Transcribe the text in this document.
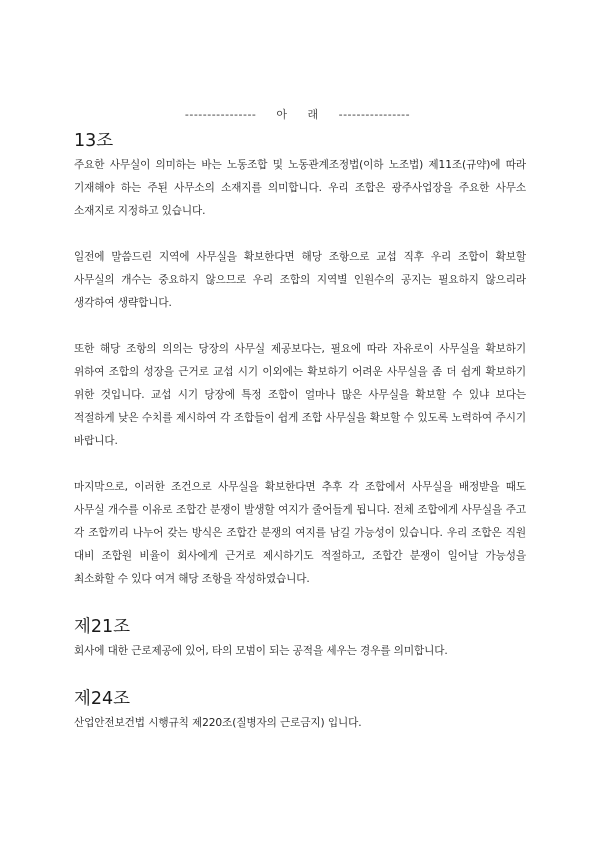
----------------     아     래     ----------------
13조

주요한 사무실이 의미하는 바는 노동조합 및 노동관계조정법(이하 노조법) 제11조(규약)에 따라 기재해야 하는 주된 사무소의 소재지를 의미합니다. 우리 조합은 광주사업장을 주요한 사무소 소재지로 지정하고 있습니다.

일전에 말씀드린 지역에 사무실을 확보한다면 해당 조항으로 교섭 직후 우리 조합이 확보할 사무실의 개수는 중요하지 않으므로 우리 조합의 지역별 인원수의 공지는 필요하지 않으리라 생각하여 생략합니다.

또한 해당 조항의 의의는 당장의 사무실 제공보다는, 필요에 따라 자유로이 사무실을 확보하기 위하여 조합의 성장을 근거로 교섭 시기 이외에는 확보하기 어려운 사무실을 좀 더 쉽게 확보하기 위한 것입니다. 교섭 시기 당장에 특정 조합이 얼마나 많은 사무실을 확보할 수 있냐 보다는 적절하게 낮은 수치를 제시하여 각 조합들이 쉽게 조합 사무실을 확보할 수 있도록 노력하여 주시기 바랍니다.

마지막으로, 이러한 조건으로 사무실을 확보한다면 추후 각 조합에서 사무실을 배정받을 때도 사무실 개수를 이유로 조합간 분쟁이 발생할 여지가 줄어들게 됩니다. 전체 조합에게 사무실을 주고 각 조합끼리 나누어 갖는 방식은 조합간 분쟁의 여지를 남길 가능성이 있습니다. 우리 조합은 직원 대비 조합원 비율이 회사에게 근거로 제시하기도 적절하고, 조합간 분쟁이 일어날 가능성을 최소화할 수 있다 여겨 해당 조항을 작성하였습니다.

제21조

회사에 대한 근로제공에 있어, 타의 모범이 되는 공적을 세우는 경우를 의미합니다.

제24조

산업안전보건법 시행규칙 제220조(질병자의 근로금지) 입니다.
